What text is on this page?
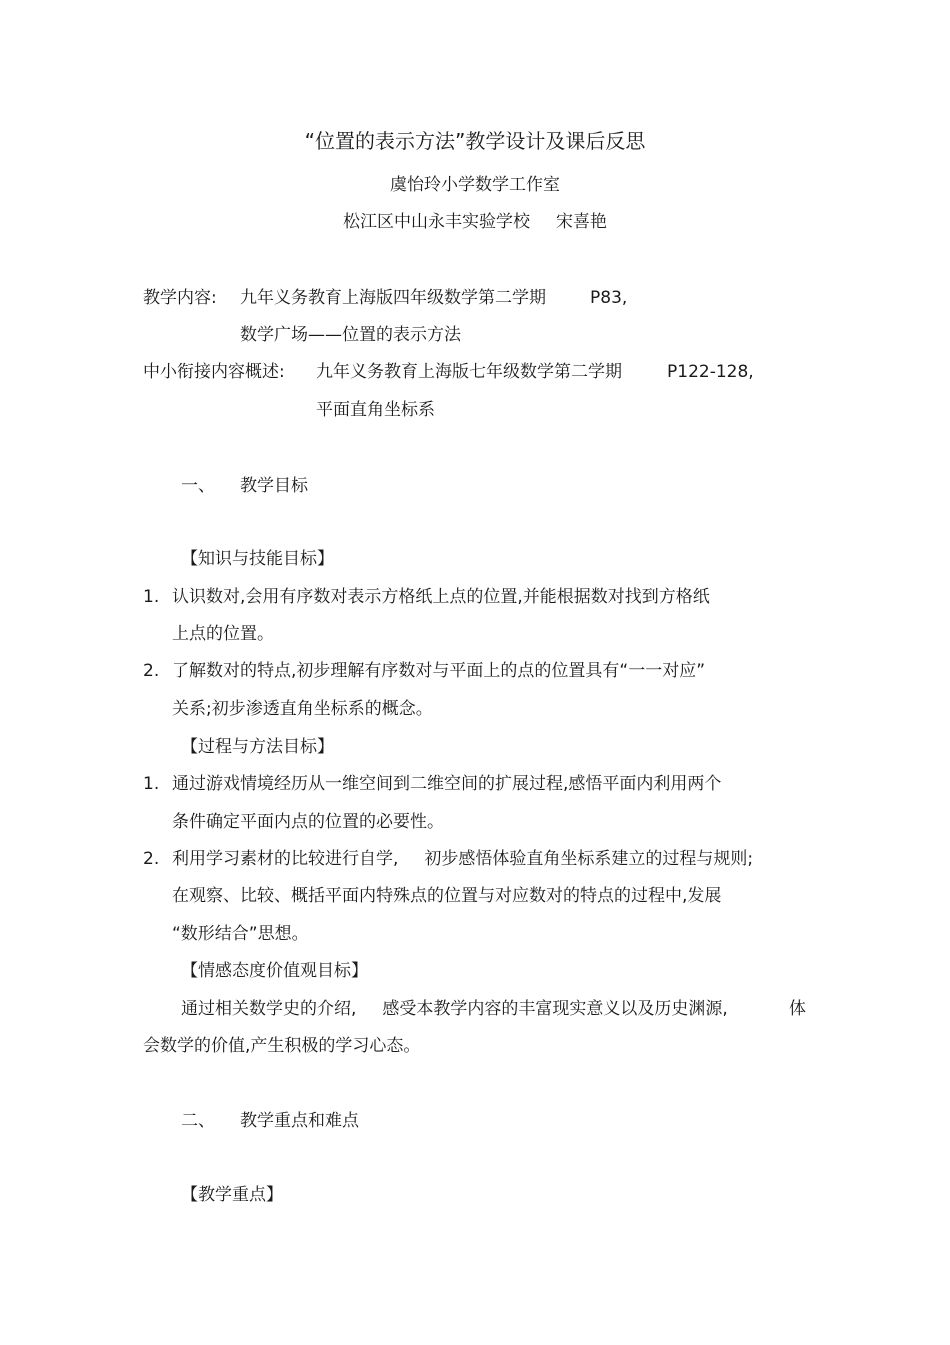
“位置的表示方法”教学设计及课后反思
虞怡玲小学数学工作室
松江区中山永丰实验学校 宋喜艳
教学内容: 九年义务教育上海版四年级数学第二学期	P83,
数学广场——位置的表示方法
中小衔接内容概述: 九年义务教育上海版七年级数学第二学期	P122-128,
平面直角坐标系
一、 教学目标
【知识与技能目标】
1. 认识数对,会用有序数对表示方格纸上点的位置,并能根据数对找到方格纸
上点的位置。
2. 了解数对的特点,初步理解有序数对与平面上的点的位置具有“一一对应”
关系;初步渗透直角坐标系的概念。
【过程与方法目标】
1. 通过游戏情境经历从一维空间到二维空间的扩展过程,感悟平面内利用两个
条件确定平面内点的位置的必要性。
2. 利用学习素材的比较进行自学, 初步感悟体验直角坐标系建立的过程与规则;
在观察、比较、概括平面内特殊点的位置与对应数对的特点的过程中,发展
“数形结合”思想。
【情感态度价值观目标】
通过相关数学史的介绍, 感受本教学内容的丰富现实意义以及历史渊源,	体
会数学的价值,产生积极的学习心态。
二、 教学重点和难点
【教学重点】
